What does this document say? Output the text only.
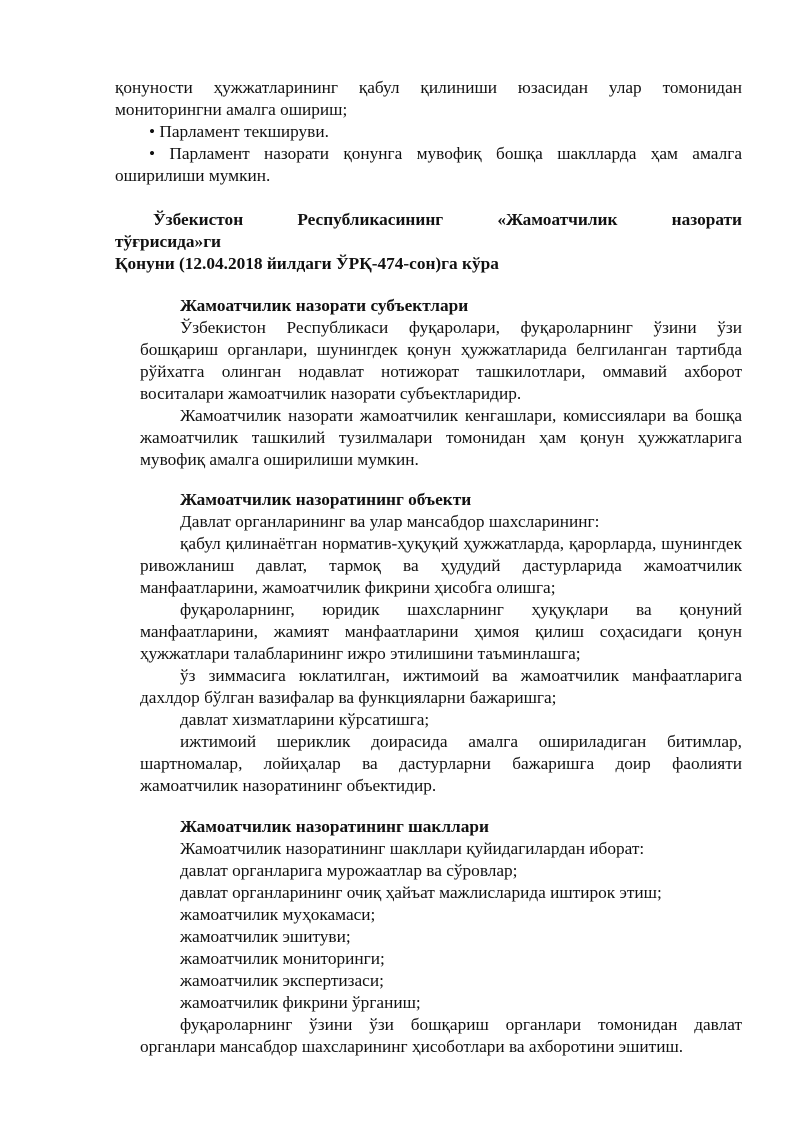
қонуности ҳужжатларининг қабул қилиниши юзасидан улар томонидан мониторингни амалга ошириш;

• Парламент текшируви.

• Парламент назорати қонунга мувофиқ бошқа шаклларда ҳам амалга оширилиши мумкин.

Ўзбекистон	Республикасининг	«Жамоатчилик	назорати
тўғрисида»ги
Қонуни (12.04.2018 йилдаги ЎРҚ-474-сон)га кўра

Жамоатчилик назорати субъектлари

Ўзбекистон Республикаси фуқаролари, фуқароларнинг ўзини ўзи бошқариш органлари, шунингдек қонун ҳужжатларида белгиланган тартибда рўйхатга олинган нодавлат нотижорат ташкилотлари, оммавий ахборот воситалари жамоатчилик назорати субъектларидир.

Жамоатчилик назорати жамоатчилик кенгашлари, комиссиялари ва бошқа жамоатчилик ташкилий тузилмалари томонидан ҳам қонун ҳужжатларига мувофиқ амалга оширилиши мумкин.

Жамоатчилик назоратининг объекти

Давлат органларининг ва улар мансабдор шахсларининг:

қабул қилинаётган норматив-ҳуқуқий ҳужжатларда, қарорларда, шунингдек ривожланиш давлат, тармоқ ва ҳудудий дастурларида жамоатчилик манфаатларини, жамоатчилик фикрини ҳисобга олишга;

фуқароларнинг, юридик шахсларнинг ҳуқуқлари ва қонуний манфаатларини, жамият манфаатларини ҳимоя қилиш соҳасидаги қонун ҳужжатлари талабларининг ижро этилишини таъминлашга;

ўз зиммасига юклатилган, ижтимоий ва жамоатчилик манфаатларига дахлдор бўлган вазифалар ва функцияларни бажаришга;

давлат хизматларини кўрсатишга;

ижтимоий шериклик доирасида амалга ошириладиган битимлар, шартномалар, лойиҳалар ва дастурларни бажаришга доир фаолияти жамоатчилик назоратининг объектидир.

Жамоатчилик назоратининг шакллари

Жамоатчилик назоратининг шакллари қуйидагилардан иборат:

давлат органларига мурожаатлар ва сўровлар;

давлат органларининг очиқ ҳайъат мажлисларида иштирок этиш;

жамоатчилик муҳокамаси;

жамоатчилик эшитуви;

жамоатчилик мониторинги;

жамоатчилик экспертизаси;

жамоатчилик фикрини ўрганиш;

фуқароларнинг ўзини ўзи бошқариш органлари томонидан давлат органлари мансабдор шахсларининг ҳисоботлари ва ахборотини эшитиш.
